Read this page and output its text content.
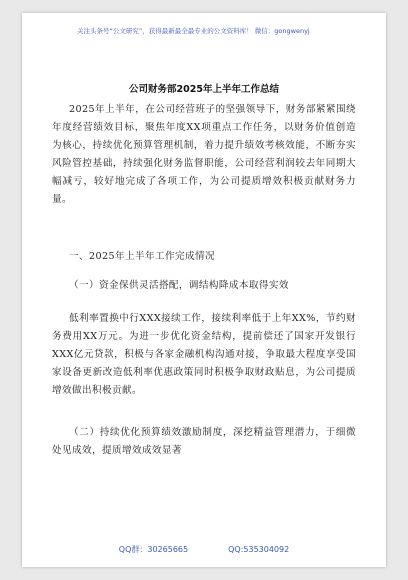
关注头条号“公文研究”，获得最新最全最专业的公文资料库！ 微信：gongwenyj
公司财务部2025年上半年工作总结

2025年上半年，在公司经营班子的坚强领导下，财务部紧紧围绕年度经营绩效目标，聚焦年度XX项重点工作任务，以财务价值创造为核心，持续优化预算管理机制，着力提升绩效考核效能，不断夯实风险管控基础，持续强化财务监督职能，公司经营利润较去年同期大幅减亏，较好地完成了各项工作，为公司提质增效积极贡献财务力量。

一、2025年上半年工作完成情况

（一）资金保供灵活搭配，调结构降成本取得实效

低利率置换中行XXX接续工作，接续利率低于上年XX%，节约财务费用XX万元。为进一步优化资金结构，提前偿还了国家开发银行XXX亿元贷款，积极与各家金融机构沟通对接，争取最大程度享受国家设备更新改造低利率优惠政策同时积极争取财政贴息，为公司提质增效做出积极贡献。

（二）持续优化预算绩效激励制度，深挖精益管理潜力，于细微处见成效，提质增效成效显著

QQ群：30265665	QQ:535304092
